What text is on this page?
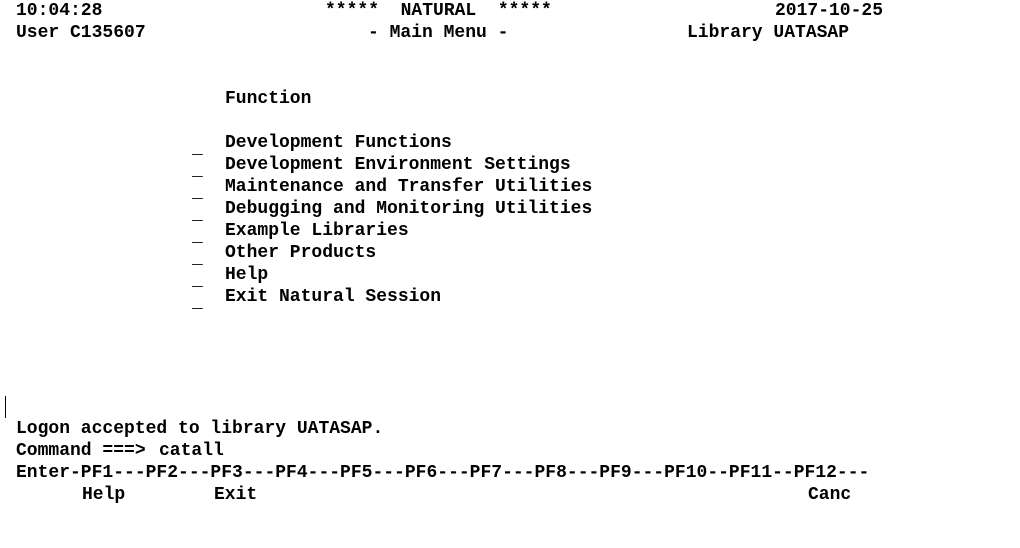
10:04:28	*****  NATURAL  *****	2017-10-25
User C135607	- Main Menu -	Library UATASAP
Function
_ Development Functions
_ Development Environment Settings
_ Maintenance and Transfer Utilities
_ Debugging and Monitoring Utilities
_ Example Libraries
_ Other Products
_ Help
_ Exit Natural Session
Logon accepted to library UATASAP.
Command ===> catall
Enter-PF1---PF2---PF3---PF4---PF5---PF6---PF7---PF8---PF9---PF10--PF11--PF12---
Help	Exit	Canc
